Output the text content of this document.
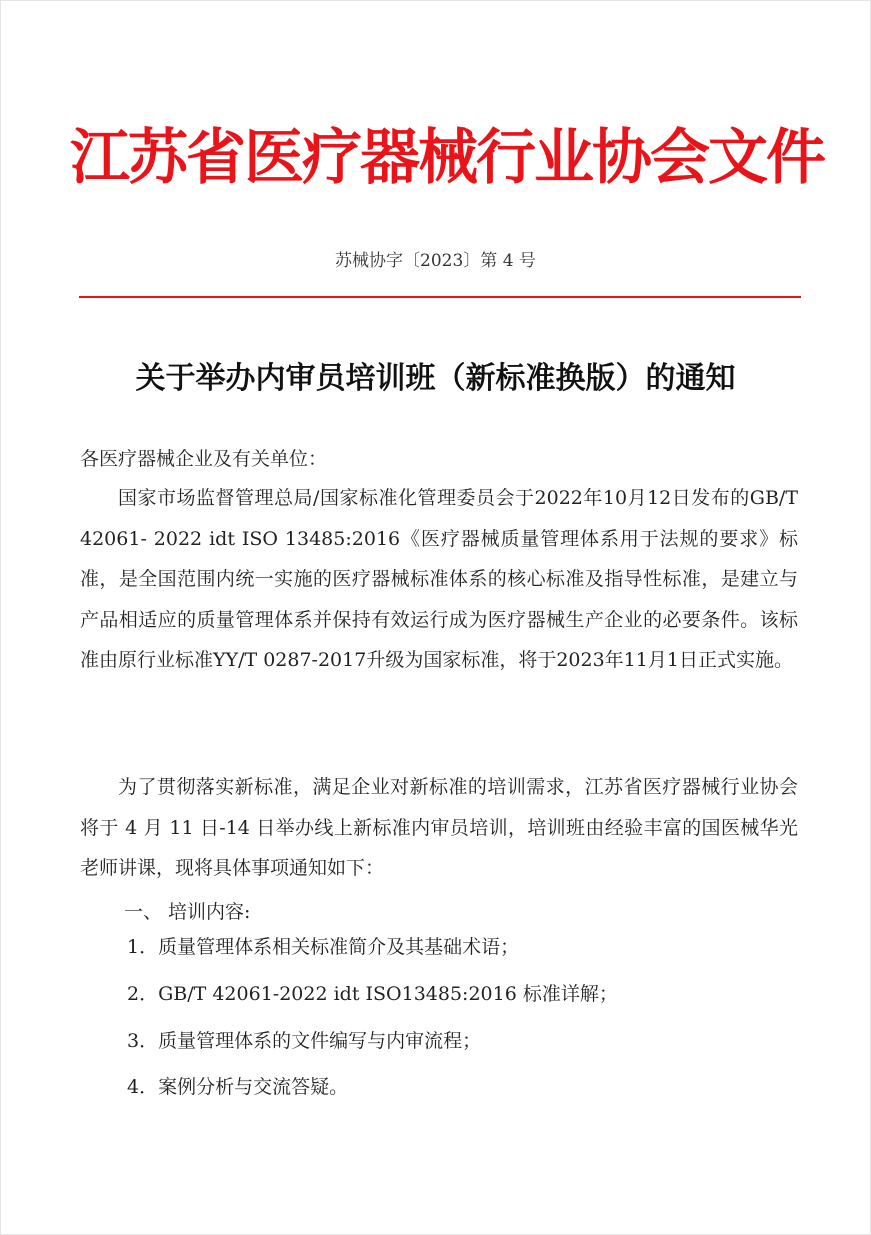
江苏省医疗器械行业协会文件
苏械协字〔2023〕第 4 号
关于举办内审员培训班（新标准换版）的通知
各医疗器械企业及有关单位：

国家市场监督管理总局/国家标准化管理委员会于2022年10月12日发布的GB/T 42061- 2022 idt ISO 13485:2016《医疗器械质量管理体系用于法规的要求》标准，是全国范围内统一实施的医疗器械标准体系的核心标准及指导性标准，是建立与产品相适应的质量管理体系并保持有效运行成为医疗器械生产企业的必要条件。该标准由原行业标准YY/T 0287-2017升级为国家标准，将于2023年11月1日正式实施。

为了贯彻落实新标准，满足企业对新标准的培训需求，江苏省医疗器械行业协会将于 4 月 11 日-14 日举办线上新标准内审员培训，培训班由经验丰富的国医械华光老师讲课，现将具体事项通知如下：

一、 培训内容:
1．质量管理体系相关标准简介及其基础术语；
2．GB/T 42061-2022 idt ISO13485:2016 标准详解；
3．质量管理体系的文件编写与内审流程；
4．案例分析与交流答疑。
